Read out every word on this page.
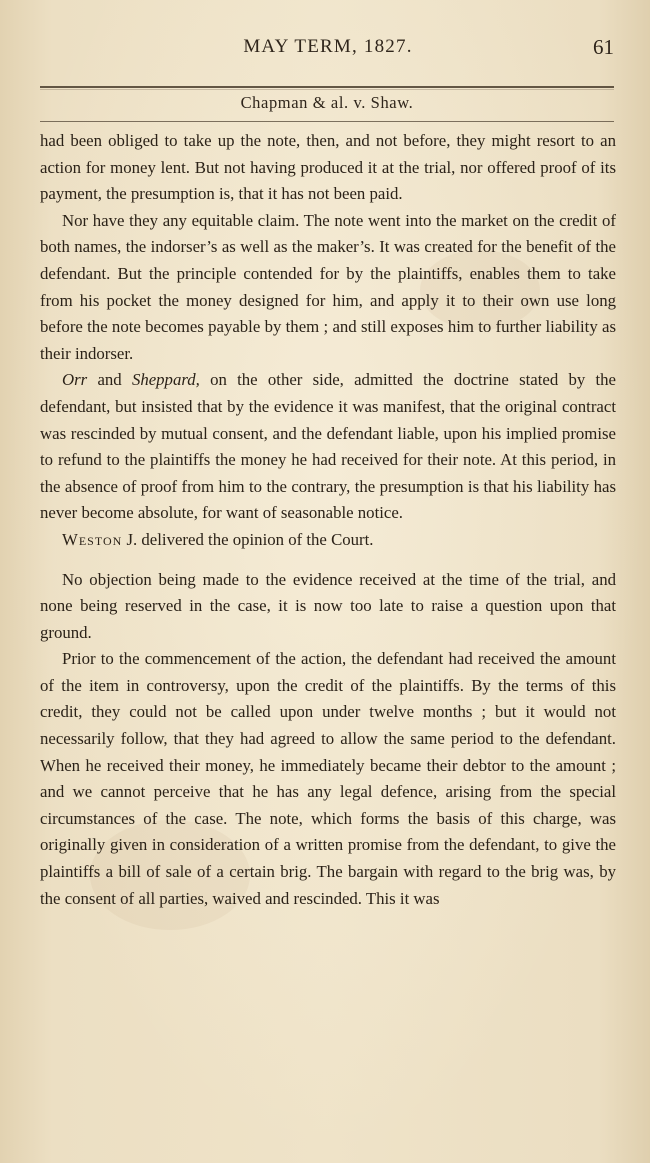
MAY TERM, 1827.	61
Chapman & al. v. Shaw.

had been obliged to take up the note, then, and not before, they might resort to an action for money lent. But not having produced it at the trial, nor offered proof of its payment, the presumption is, that it has not been paid.

Nor have they any equitable claim. The note went into the market on the credit of both names, the indorser’s as well as the maker’s. It was created for the benefit of the defendant. But the principle contended for by the plaintiffs, enables them to take from his pocket the money designed for him, and apply it to their own use long before the note becomes payable by them ; and still exposes him to further liability as their indorser.

Orr and Sheppard, on the other side, admitted the doctrine stated by the defendant, but insisted that by the evidence it was manifest, that the original contract was rescinded by mutual consent, and the defendant liable, upon his implied promise to refund to the plaintiffs the money he had received for their note. At this period, in the absence of proof from him to the contrary, the presumption is that his liability has never become absolute, for want of seasonable notice.

Weston J. delivered the opinion of the Court.

No objection being made to the evidence received at the time of the trial, and none being reserved in the case, it is now too late to raise a question upon that ground.

Prior to the commencement of the action, the defendant had received the amount of the item in controversy, upon the credit of the plaintiffs. By the terms of this credit, they could not be called upon under twelve months ; but it would not necessarily follow, that they had agreed to allow the same period to the defendant. When he received their money, he immediately became their debtor to the amount ; and we cannot perceive that he has any legal defence, arising from the special circumstances of the case. The note, which forms the basis of this charge, was originally given in consideration of a written promise from the defendant, to give the plaintiffs a bill of sale of a certain brig. The bargain with regard to the brig was, by the consent of all parties, waived and rescinded. This it was
